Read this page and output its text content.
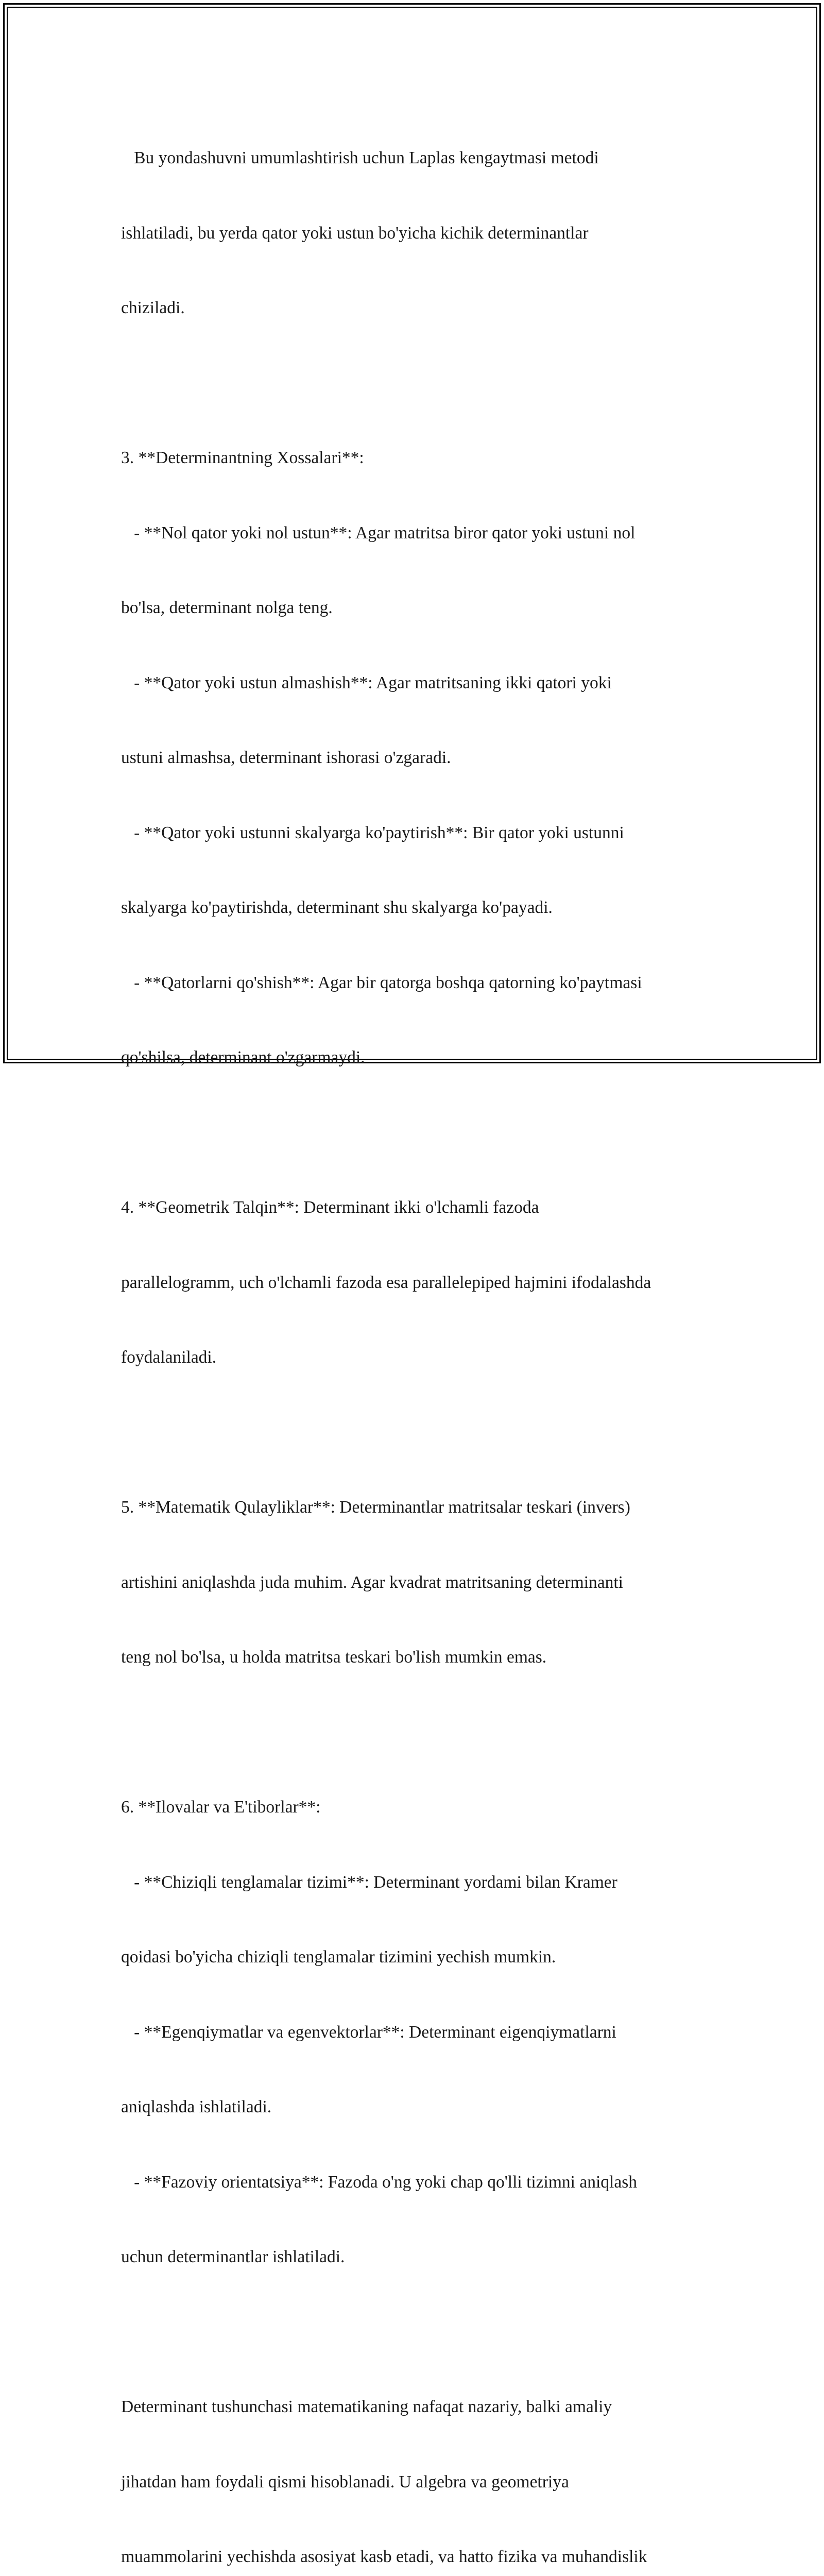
Bu yondashuvni umumlashtirish uchun Laplas kengaytmasi metodi

ishlatiladi, bu yerda qator yoki ustun bo'yicha kichik determinantlar

chiziladi.

3. **Determinantning Xossalari**:

- **Nol qator yoki nol ustun**: Agar matritsa biror qator yoki ustuni nol

bo'lsa, determinant nolga teng.

- **Qator yoki ustun almashish**: Agar matritsaning ikki qatori yoki

ustuni almashsa, determinant ishorasi o'zgaradi.

- **Qator yoki ustunni skalyarga ko'paytirish**: Bir qator yoki ustunni

skalyarga ko'paytirishda, determinant shu skalyarga ko'payadi.

- **Qatorlarni qo'shish**: Agar bir qatorga boshqa qatorning ko'paytmasi

qo'shilsa, determinant o'zgarmaydi.

4. **Geometrik Talqin**: Determinant ikki o'lchamli fazoda

parallelogramm, uch o'lchamli fazoda esa parallelepiped hajmini ifodalashda

foydalaniladi.

5. **Matematik Qulayliklar**: Determinantlar matritsalar teskari (invers)

artishini aniqlashda juda muhim. Agar kvadrat matritsaning determinanti

teng nol bo'lsa, u holda matritsa teskari bo'lish mumkin emas.

6. **Ilovalar va E'tiborlar**:

- **Chiziqli tenglamalar tizimi**: Determinant yordami bilan Kramer

qoidasi bo'yicha chiziqli tenglamalar tizimini yechish mumkin.

- **Egenqiymatlar va egenvektorlar**: Determinant eigenqiymatlarni

aniqlashda ishlatiladi.

- **Fazoviy orientatsiya**: Fazoda o'ng yoki chap qo'lli tizimni aniqlash

uchun determinantlar ishlatiladi.

Determinant tushunchasi matematikaning nafaqat nazariy, balki amaliy

jihatdan ham foydali qismi hisoblanadi. U algebra va geometriya

muammolarini yechishda asosiyat kasb etadi, va hatto fizika va muhandislik
